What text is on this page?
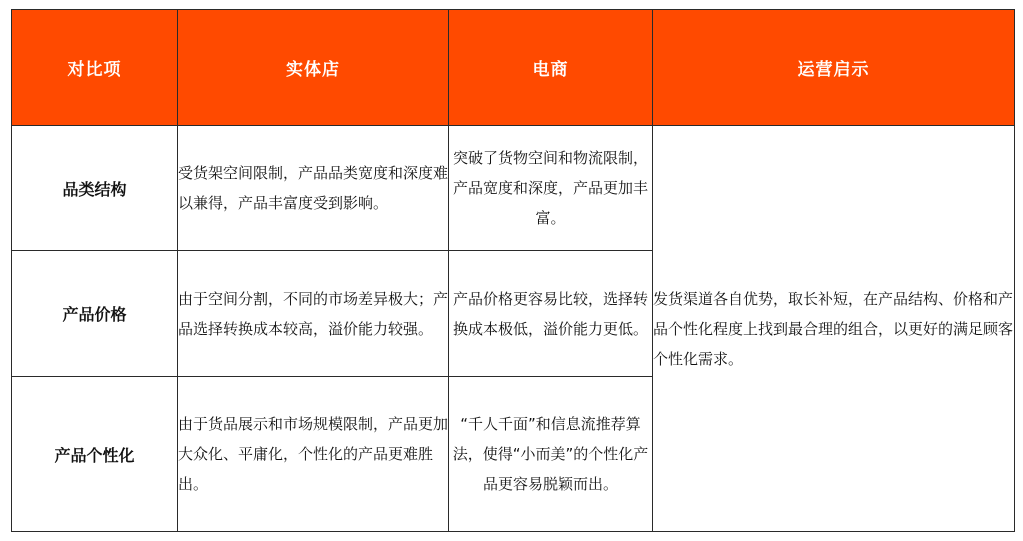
对比项	实体店	电商	运营启示
品类结构	受货架空间限制，产品品类宽度和深度难以兼得，产品丰富度受到影响。	突破了货物空间和物流限制，产品宽度和深度，产品更加丰富。	发货渠道各自优势，取长补短，在产品结构、价格和产品个性化程度上找到最合理的组合，以更好的满足顾客个性化需求。
产品价格	由于空间分割，不同的市场差异极大；产品选择转换成本较高，溢价能力较强。	产品价格更容易比较，选择转换成本极低，溢价能力更低。	
产品个性化	由于货品展示和市场规模限制，产品更加大众化、平庸化，个性化的产品更难胜出。	“千人千面”和信息流推荐算法，使得“小而美”的个性化产品更容易脱颖而出。	
